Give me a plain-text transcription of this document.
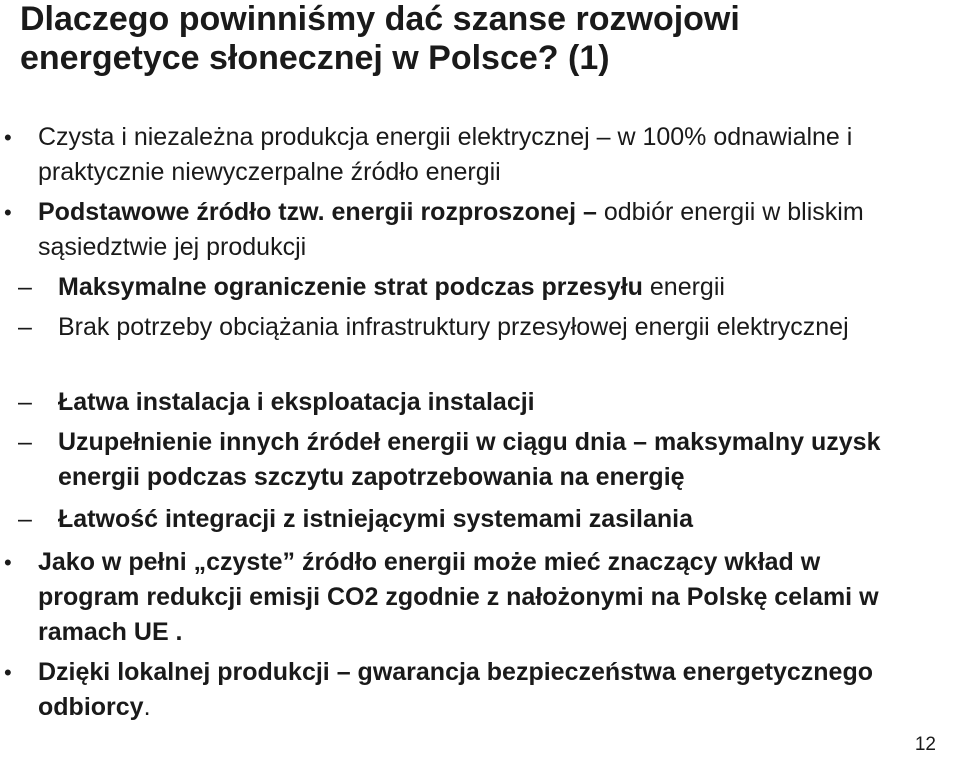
Dlaczego powinniśmy dać szanse rozwojowi
energetyce słonecznej w Polsce? (1)
•	Czysta i niezależna produkcja energii elektrycznej – w 100% odnawialne i praktycznie niewyczerpalne źródło energii
•	Podstawowe źródło tzw. energii rozproszonej – odbiór energii w bliskim sąsiedztwie jej produkcji
– Maksymalne ograniczenie strat podczas przesyłu energii
– Brak potrzeby obciążania infrastruktury przesyłowej energii elektrycznej
– Łatwa instalacja i eksploatacja instalacji
– Uzupełnienie innych źródeł energii w ciągu dnia – maksymalny uzysk energii podczas szczytu zapotrzebowania na energię
– Łatwość integracji z istniejącymi systemami zasilania
•	Jako w pełni „czyste” źródło energii może mieć znaczący wkład w program redukcji emisji CO2 zgodnie z nałożonymi na Polskę celami w ramach UE .
•	Dzięki lokalnej produkcji – gwarancja bezpieczeństwa energetycznego odbiorcy.
12
